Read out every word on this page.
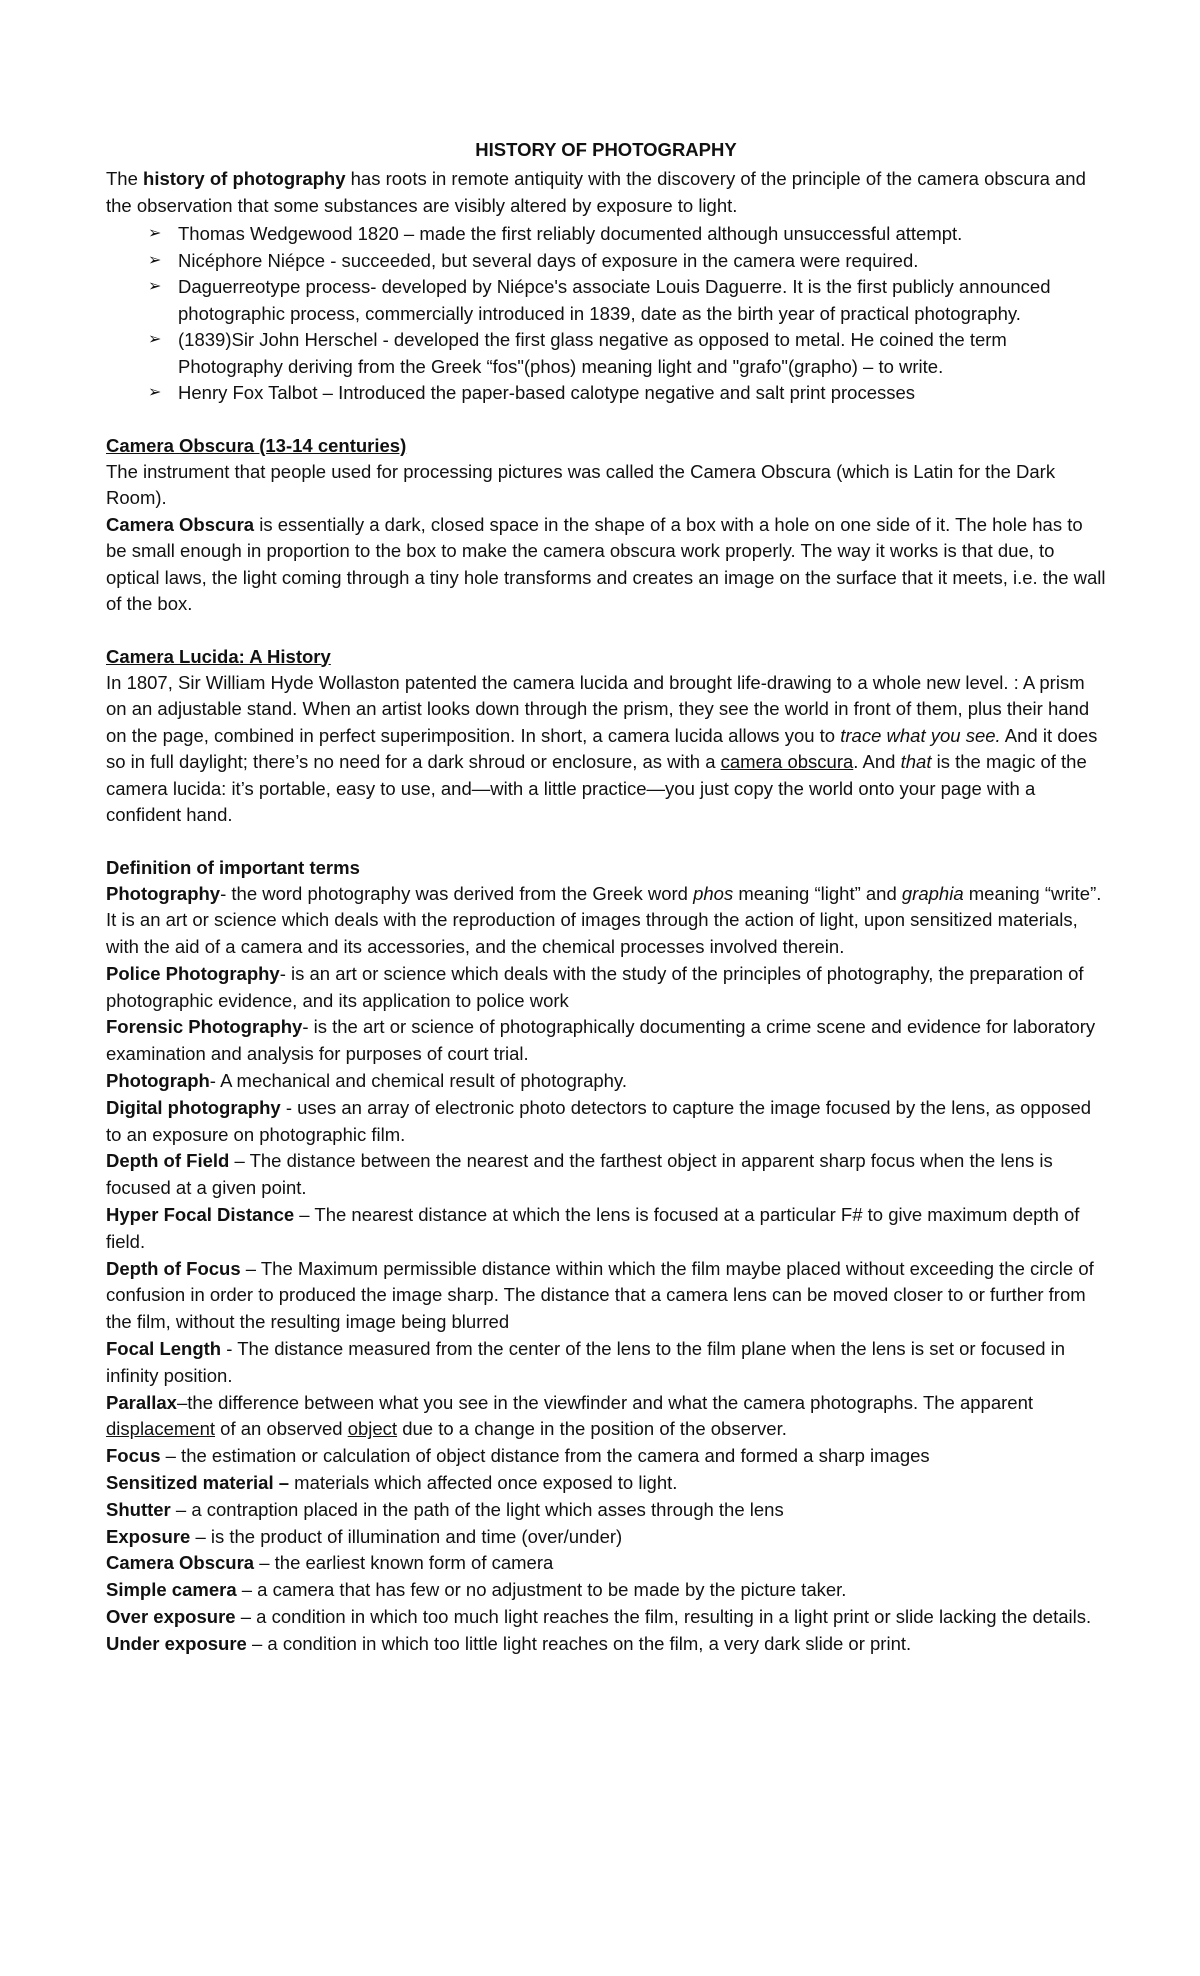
HISTORY OF PHOTOGRAPHY

The history of photography has roots in remote antiquity with the discovery of the principle of the camera obscura and the observation that some substances are visibly altered by exposure to light.

➢ Thomas Wedgewood 1820 – made the first reliably documented although unsuccessful attempt.
➢ Nicéphore Niépce - succeeded, but several days of exposure in the camera were required.
➢ Daguerreotype process- developed by Niépce's associate Louis Daguerre. It is the first publicly announced photographic process, commercially introduced in 1839, date as the birth year of practical photography.
➢ (1839)Sir John Herschel - developed the first glass negative as opposed to metal. He coined the term Photography deriving from the Greek “fos"(phos) meaning light and "grafo"(grapho) – to write.
➢ Henry Fox Talbot – Introduced the paper-based calotype negative and salt print processes
Camera Obscura (13-14 centuries)

The instrument that people used for processing pictures was called the Camera Obscura (which is Latin for the Dark Room).

Camera Obscura is essentially a dark, closed space in the shape of a box with a hole on one side of it. The hole has to be small enough in proportion to the box to make the camera obscura work properly. The way it works is that due, to optical laws, the light coming through a tiny hole transforms and creates an image on the surface that it meets, i.e. the wall of the box.

Camera Lucida: A History

In 1807, Sir William Hyde Wollaston patented the camera lucida and brought life-drawing to a whole new level. : A prism on an adjustable stand. When an artist looks down through the prism, they see the world in front of them, plus their hand on the page, combined in perfect superimposition. In short, a camera lucida allows you to trace what you see. And it does so in full daylight; there’s no need for a dark shroud or enclosure, as with a camera obscura. And that is the magic of the camera lucida: it’s portable, easy to use, and—with a little practice—you just copy the world onto your page with a confident hand.

Definition of important terms

Photography- the word photography was derived from the Greek word phos meaning “light” and graphia meaning “write”. It is an art or science which deals with the reproduction of images through the action of light, upon sensitized materials, with the aid of a camera and its accessories, and the chemical processes involved therein.

Police Photography- is an art or science which deals with the study of the principles of photography, the preparation of photographic evidence, and its application to police work

Forensic Photography- is the art or science of photographically documenting a crime scene and evidence for laboratory examination and analysis for purposes of court trial.

Photograph- A mechanical and chemical result of photography.

Digital photography - uses an array of electronic photo detectors to capture the image focused by the lens, as opposed to an exposure on photographic film.

Depth of Field – The distance between the nearest and the farthest object in apparent sharp focus when the lens is focused at a given point.

Hyper Focal Distance – The nearest distance at which the lens is focused at a particular F# to give maximum depth of field.

Depth of Focus – The Maximum permissible distance within which the film maybe placed without exceeding the circle of confusion in order to produced the image sharp. The distance that a camera lens can be moved closer to or further from the film, without the resulting image being blurred

Focal Length - The distance measured from the center of the lens to the film plane when the lens is set or focused in infinity position.

Parallax–the difference between what you see in the viewfinder and what the camera photographs. The apparent displacement of an observed object due to a change in the position of the observer.

Focus – the estimation or calculation of object distance from the camera and formed a sharp images

Sensitized material – materials which affected once exposed to light.

Shutter – a contraption placed in the path of the light which asses through the lens

Exposure – is the product of illumination and time (over/under)

Camera Obscura – the earliest known form of camera

Simple camera – a camera that has few or no adjustment to be made by the picture taker.

Over exposure – a condition in which too much light reaches the film, resulting in a light print or slide lacking the details.

Under exposure – a condition in which too little light reaches on the film, a very dark slide or print.
